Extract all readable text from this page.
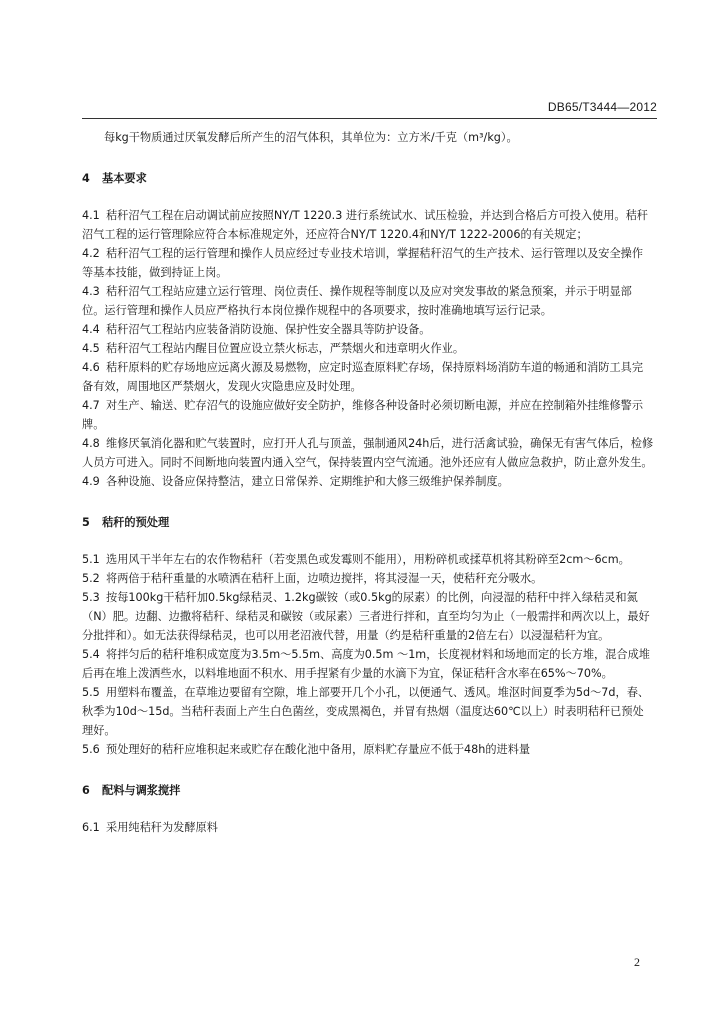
DB65/T3444—2012

每kg干物质通过厌氧发酵后所产生的沼气体积，其单位为：立方米/千克（m³/kg）。

4 基本要求

4.1 秸秆沼气工程在启动调试前应按照NY/T 1220.3 进行系统试水、试压检验，并达到合格后方可投入使用。秸秆沼气工程的运行管理除应符合本标准规定外，还应符合NY/T 1220.4和NY/T 1222-2006的有关规定；

4.2 秸秆沼气工程的运行管理和操作人员应经过专业技术培训，掌握秸秆沼气的生产技术、运行管理以及安全操作等基本技能，做到持证上岗。

4.3 秸秆沼气工程站应建立运行管理、岗位责任、操作规程等制度以及应对突发事故的紧急预案，并示于明显部位。运行管理和操作人员应严格执行本岗位操作规程中的各项要求，按时准确地填写运行记录。

4.4 秸秆沼气工程站内应装备消防设施、保护性安全器具等防护设备。

4.5 秸秆沼气工程站内醒目位置应设立禁火标志，严禁烟火和违章明火作业。

4.6 秸秆原料的贮存场地应远离火源及易燃物，应定时巡查原料贮存场，保持原料场消防车道的畅通和消防工具完备有效，周围地区严禁烟火，发现火灾隐患应及时处理。

4.7 对生产、输送、贮存沼气的设施应做好安全防护，维修各种设备时必须切断电源，并应在控制箱外挂维修警示牌。

4.8 维修厌氧消化器和贮气装置时，应打开人孔与顶盖，强制通风24h后，进行活禽试验，确保无有害气体后，检修人员方可进入。同时不间断地向装置内通入空气，保持装置内空气流通。池外还应有人做应急救护，防止意外发生。

4.9 各种设施、设备应保持整洁，建立日常保养、定期维护和大修三级维护保养制度。

5 秸秆的预处理

5.1 选用风干半年左右的农作物秸秆（若变黑色或发霉则不能用），用粉碎机或揉草机将其粉碎至2cm～6cm。

5.2 将两倍于秸秆重量的水喷洒在秸秆上面，边喷边搅拌，将其浸湿一天，使秸秆充分吸水。

5.3 按每100kg干秸秆加0.5kg绿秸灵、1.2kg碳铵（或0.5kg的尿素）的比例，向浸湿的秸秆中拌入绿秸灵和氮（N）肥。边翻、边撒将秸秆、绿秸灵和碳铵（或尿素）三者进行拌和，直至均匀为止（一般需拌和两次以上，最好分批拌和）。如无法获得绿秸灵，也可以用老沼液代替，用量（约是秸秆重量的2倍左右）以浸湿秸秆为宜。

5.4 将拌匀后的秸秆堆积成宽度为3.5m～5.5m、高度为0.5m ～1m，长度视材料和场地而定的长方堆，混合成堆后再在堆上泼洒些水，以料堆地面不积水、用手捏紧有少量的水滴下为宜，保证秸秆含水率在65%～70%。

5.5 用塑料布覆盖，在草堆边要留有空隙，堆上部要开几个小孔，以便通气、透风。堆沤时间夏季为5d～7d，春、秋季为10d～15d。当秸秆表面上产生白色菌丝，变成黑褐色，并冒有热烟（温度达60℃以上）时表明秸秆已预处理好。

5.6 预处理好的秸秆应堆积起来或贮存在酸化池中备用，原料贮存量应不低于48h的进料量

6 配料与调浆搅拌

6.1 采用纯秸秆为发酵原料

2
